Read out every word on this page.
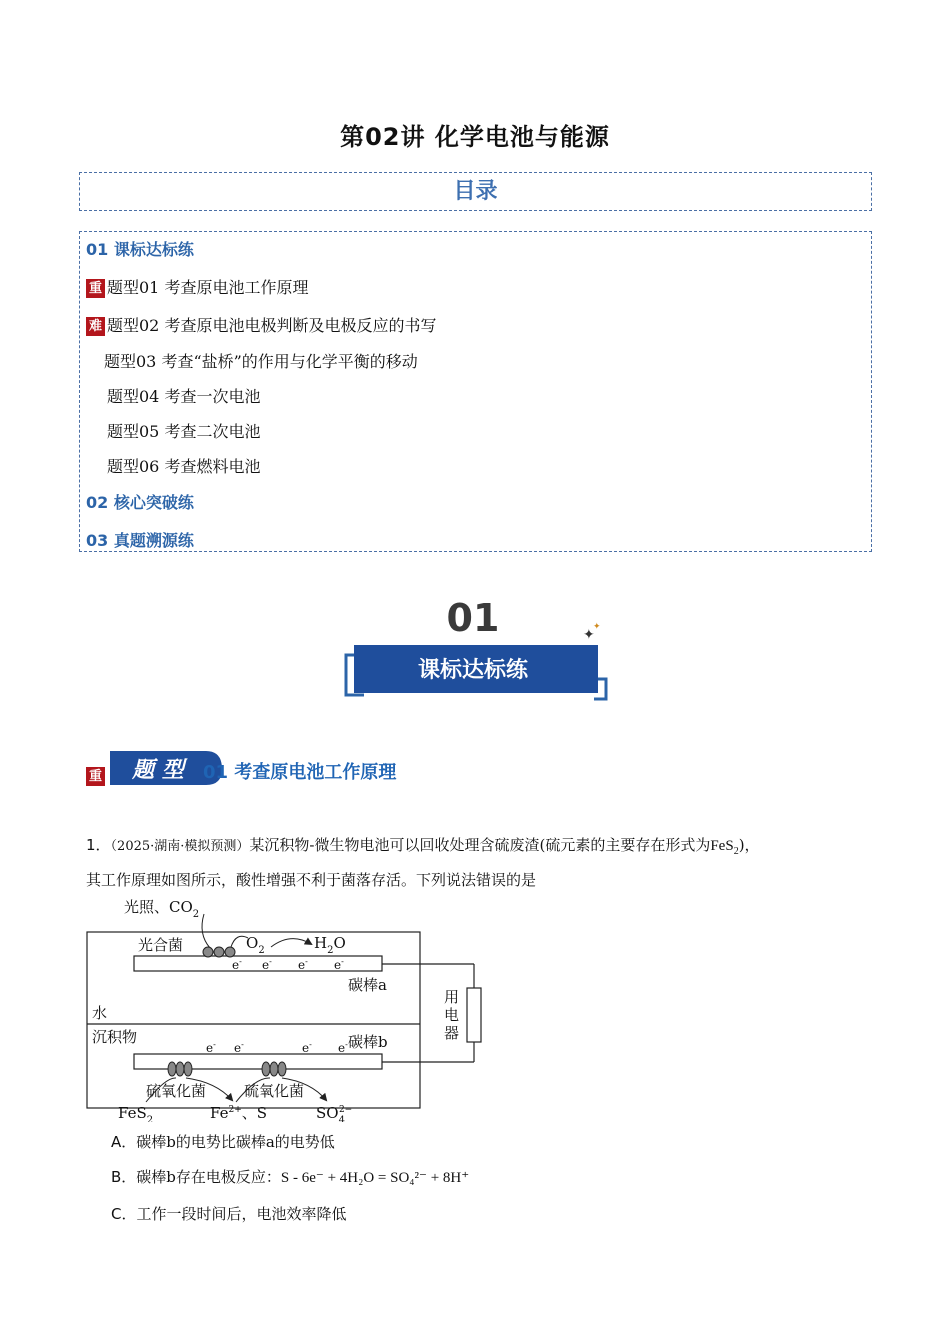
第02讲 化学电池与能源
目录
01 课标达标练
重 题型01 考查原电池工作原理
难 题型02 考查原电池电极判断及电极反应的书写
题型03 考查“盐桥”的作用与化学平衡的移动
题型04 考查一次电池
题型05 考查二次电池
题型06 考查燃料电池
02 核心突破练
03 真题溯源练
01
课标达标练
✦
✦
重 题 型 01 考查原电池工作原理
1．（2025·湖南·模拟预测）某沉积物-微生物电池可以回收处理含硫废渣(硫元素的主要存在形式为FeS$_2$)，
其工作原理如图所示，酸性增强不利于菌落存活。下列说法错误的是
光照、$CO_2$
光合菌	$O_2$	$H_2O$
e- e- e- e-
碳棒a
水
沉积物	碳棒b
e- e-	e- e-
硫氧化菌	硫氧化菌
FeS$_2$	$Fe^{2+}$、S	$SO_42-$
用
电
器
A．碳棒b的电势比碳棒a的电势低
B．碳棒b存在电极反应：S - 6e⁻ + 4H₂O = SO₄²⁻ + 8H⁺
C．工作一段时间后，电池效率降低
